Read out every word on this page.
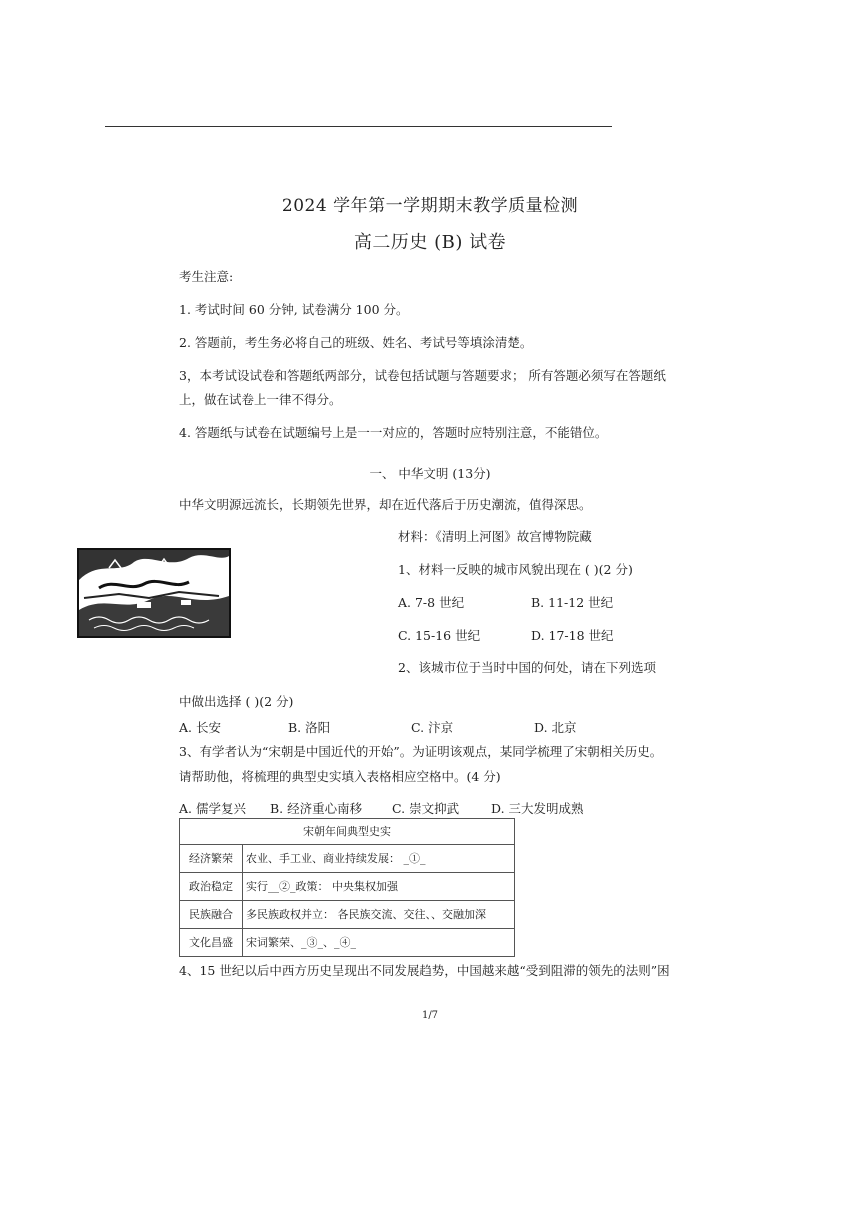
2024 学年第一学期期末教学质量检测
高二历史 (B) 试卷
考生注意:
1. 考试时间 60 分钟, 试卷满分 100 分。
2. 答题前，考生务必将自己的班级、姓名、考试号等填涂清楚。
3，本考试设试卷和答题纸两部分，试卷包括试题与答题要求； 所有答题必须写在答题纸
上，做在试卷上一律不得分。
4. 答题纸与试卷在试题编号上是一一对应的，答题时应特别注意，不能错位。
一、 中华文明 (13分)
中华文明源远流长，长期领先世界，却在近代落后于历史潮流，值得深思。
材料：《清明上河图》故宫博物院藏
1、材料一反映的城市风貌出现在 ( )(2 分)
A. 7-8 世纪	B. 11-12 世纪
C. 15-16 世纪	D. 17-18 世纪
2、该城市位于当时中国的何处，请在下列选项
中做出选择 ( )(2 分)
A. 长安	B. 洛阳	C. 汴京	D. 北京
3、有学者认为“宋朝是中国近代的开始”。为证明该观点，某同学梳理了宋朝相关历史。
请帮助他，将梳理的典型史实填入表格相应空格中。(4 分)
A. 儒学复兴 B. 经济重心南移 C. 崇文抑武	D. 三大发明成熟
宋朝年间典型史实	
经济繁荣	农业、手工业、商业持续发展： _①_
政治稳定	实行__②_政策： 中央集权加强
民族融合	多民族政权并立： 各民族交流、交往、、交融加深
文化昌盛	宋词繁荣、_③_、_④_
4、15 世纪以后中西方历史呈现出不同发展趋势，中国越来越“受到阻滞的领先的法则”困
1/7
